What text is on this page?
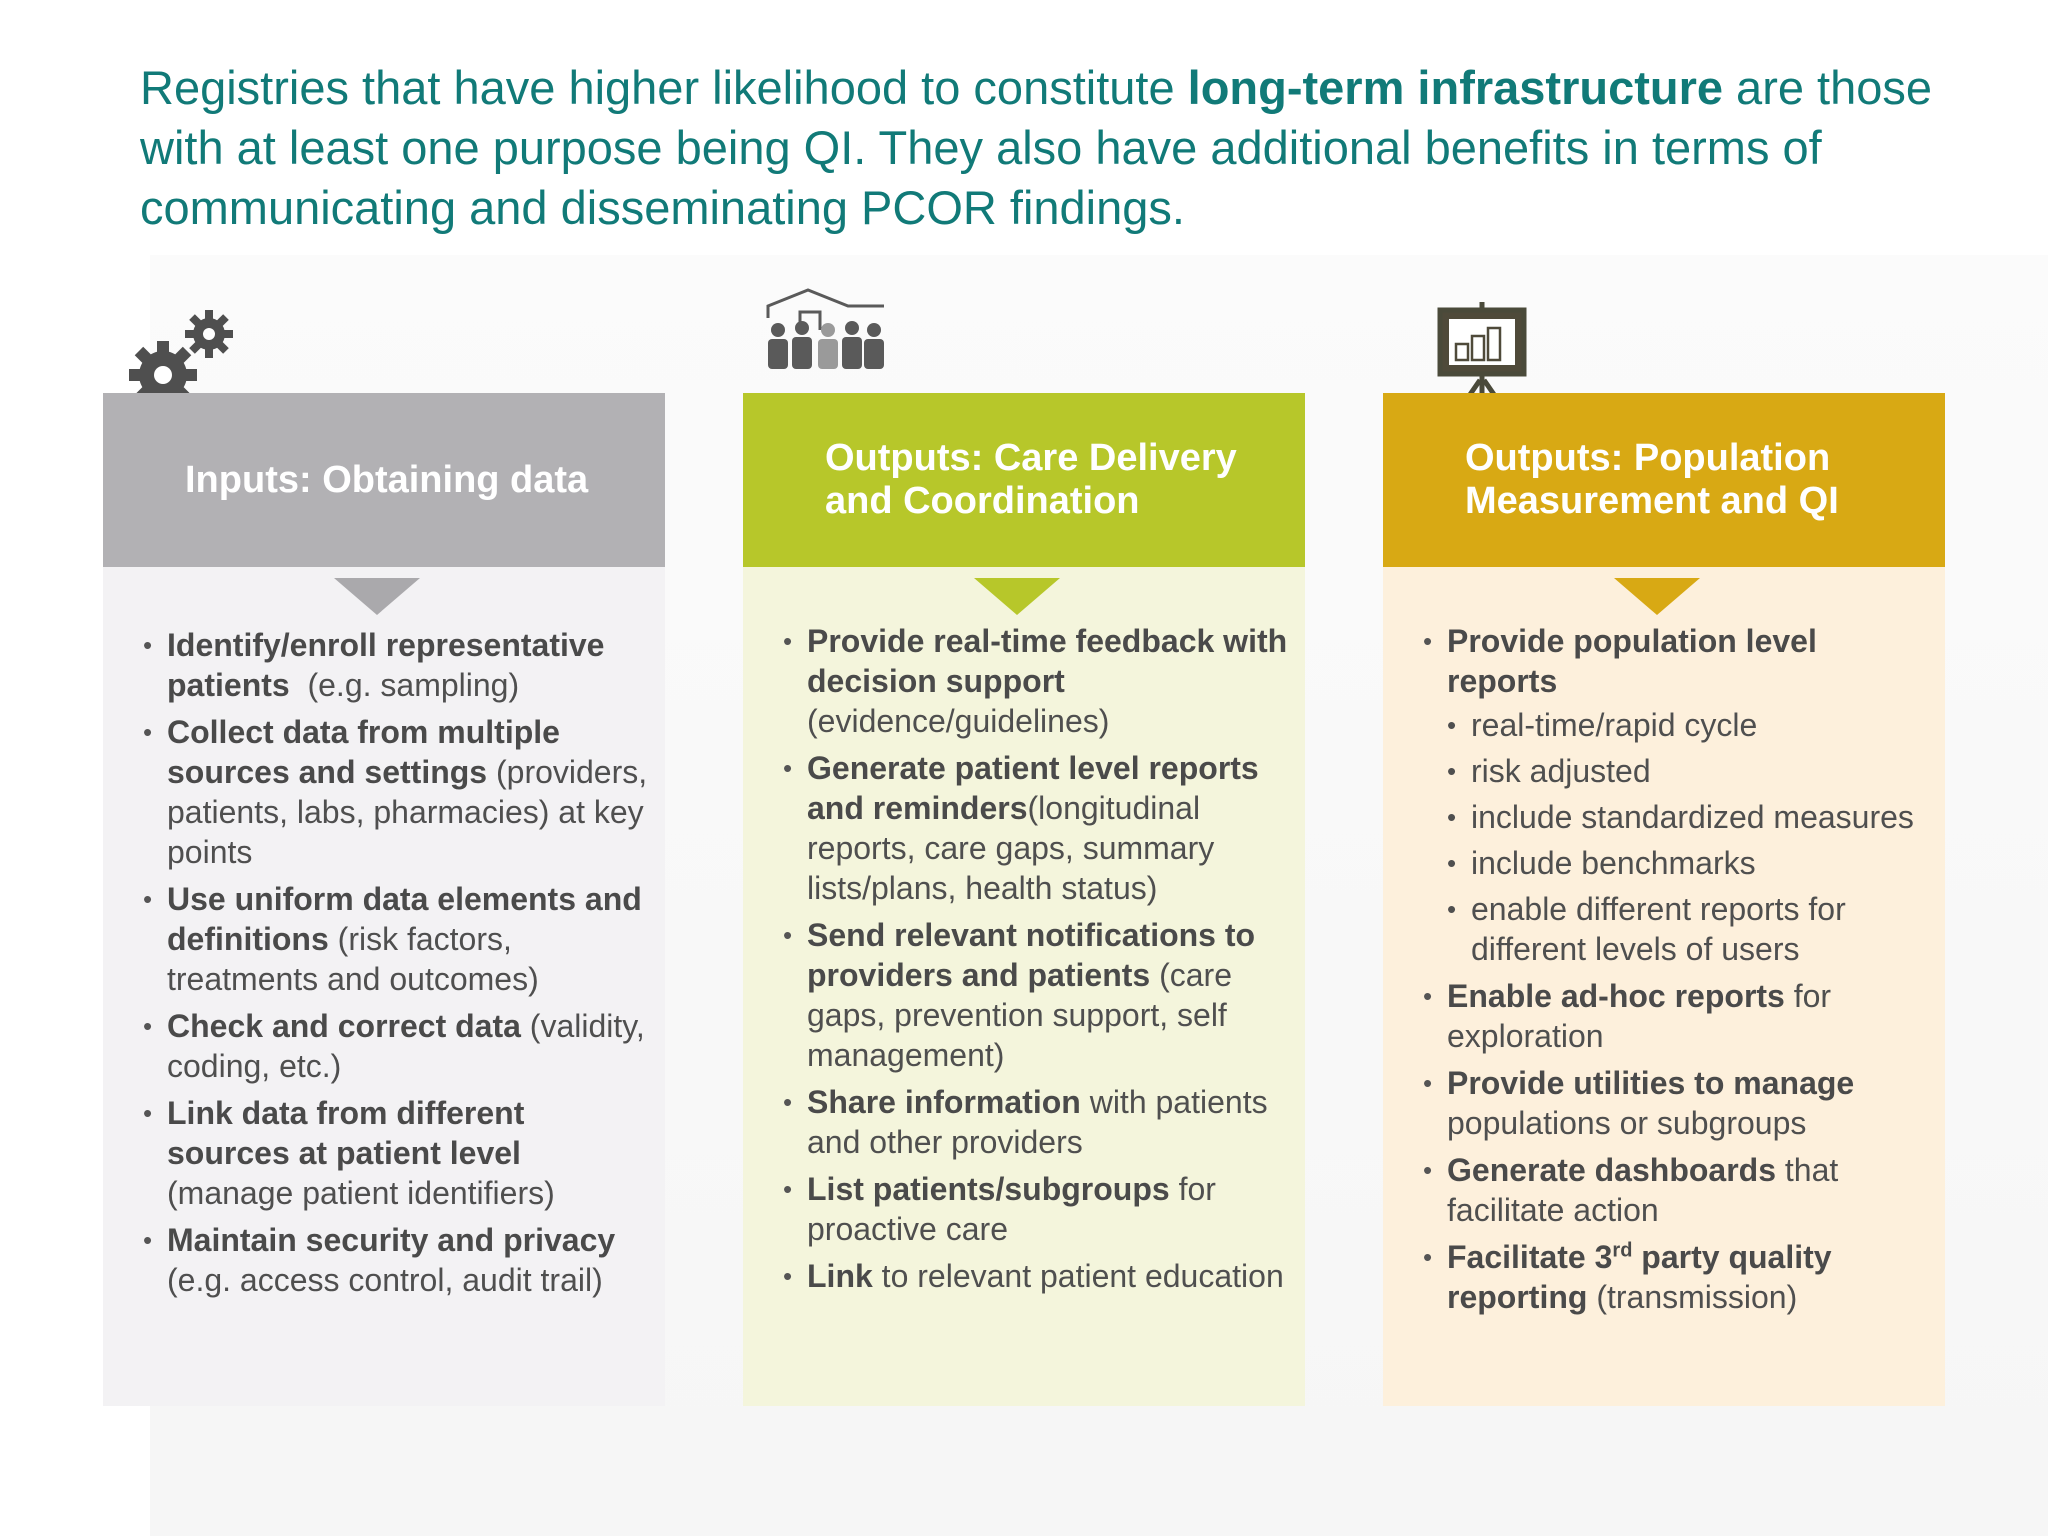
Registries that have higher likelihood to constitute long-term infrastructure are those with at least one purpose being QI. They also have additional benefits in terms of communicating and disseminating PCOR findings.

Inputs: Obtaining data
• Identify/enroll representative patients  (e.g. sampling)
• Collect data from multiple sources and settings (providers, patients, labs, pharmacies) at key points
• Use uniform data elements and definitions (risk factors, treatments and outcomes)
• Check and correct data (validity, coding, etc.)
• Link data from different sources at patient level (manage patient identifiers)
• Maintain security and privacy (e.g. access control, audit trail)
Outputs: Care Delivery and Coordination
• Provide real-time feedback with decision support (evidence/guidelines)
• Generate patient level reports and reminders(longitudinal reports, care gaps, summary lists/plans, health status)
• Send relevant notifications to providers and patients (care gaps, prevention support, self management)
• Share information with patients and other providers
• List patients/subgroups for proactive care
• Link to relevant patient education
Outputs: Population Measurement and QI
• Provide population level reports
• real-time/rapid cycle
• risk adjusted
• include standardized measures
• include benchmarks
• enable different reports for different levels of users
• Enable ad-hoc reports for exploration
• Provide utilities to manage populations or subgroups
• Generate dashboards that facilitate action
• Facilitate 3rd party quality reporting (transmission)
